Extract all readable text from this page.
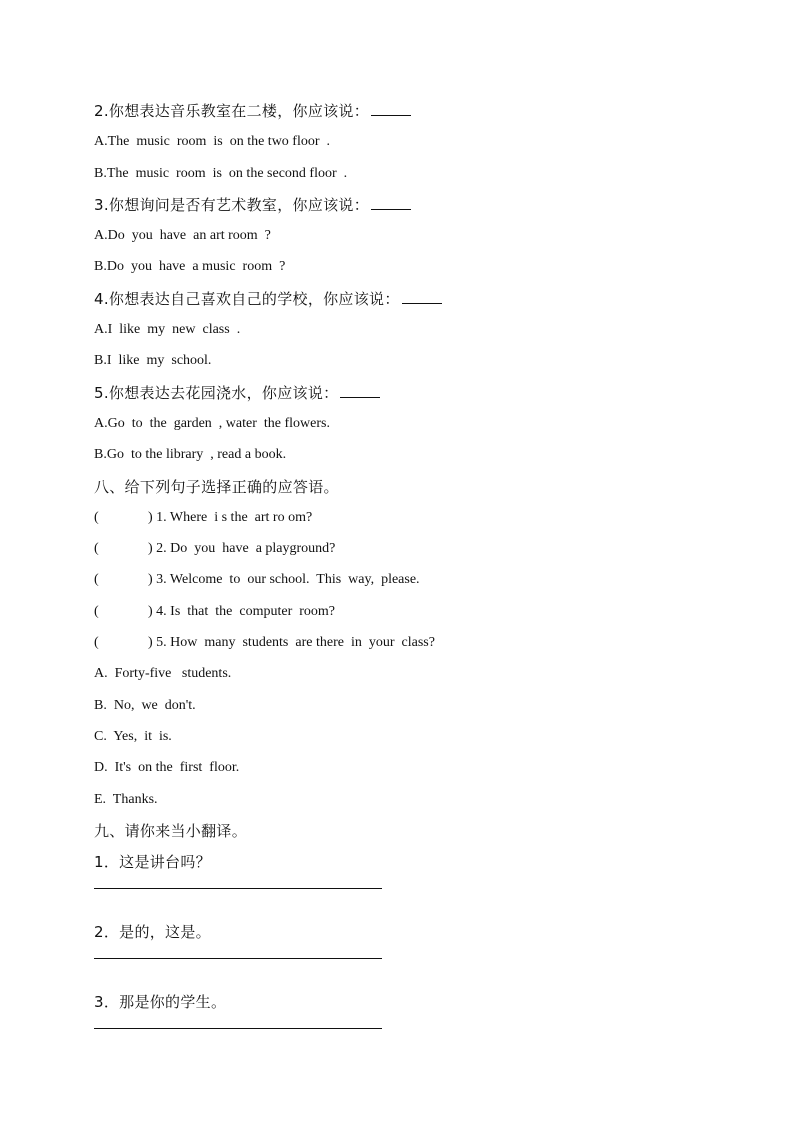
2.你想表达音乐教室在二楼，你应该说：
A.The  music  room  is  on the two floor  .
B.The  music  room  is  on the second floor  .
3.你想询问是否有艺术教室，你应该说：
A.Do  you  have  an art room  ?
B.Do  you  have  a music  room  ?
4.你想表达自己喜欢自己的学校，你应该说：
A.I  like  my  new  class  .
B.I  like  my  school.
5.你想表达去花园浇水，你应该说：
A.Go  to  the  garden  , water  the flowers.
B.Go  to the library  , read a book.
八、给下列句子选择正确的应答语。
(	) 1. Where  i s the  art ro om?
(	) 2. Do  you  have  a playground?
(	) 3. Welcome  to  our school.  This  way,  please.
(	) 4. Is  that  the  computer  room?
(	) 5. How  many  students  are there  in  your  class?
A.  Forty-five   students.
B.  No,  we  don't.
C.  Yes,  it  is.
D.  It's  on the  first  floor.
E.  Thanks.
九、请你来当小翻译。
1．这是讲台吗？
2．是的，这是。
3．那是你的学生。
